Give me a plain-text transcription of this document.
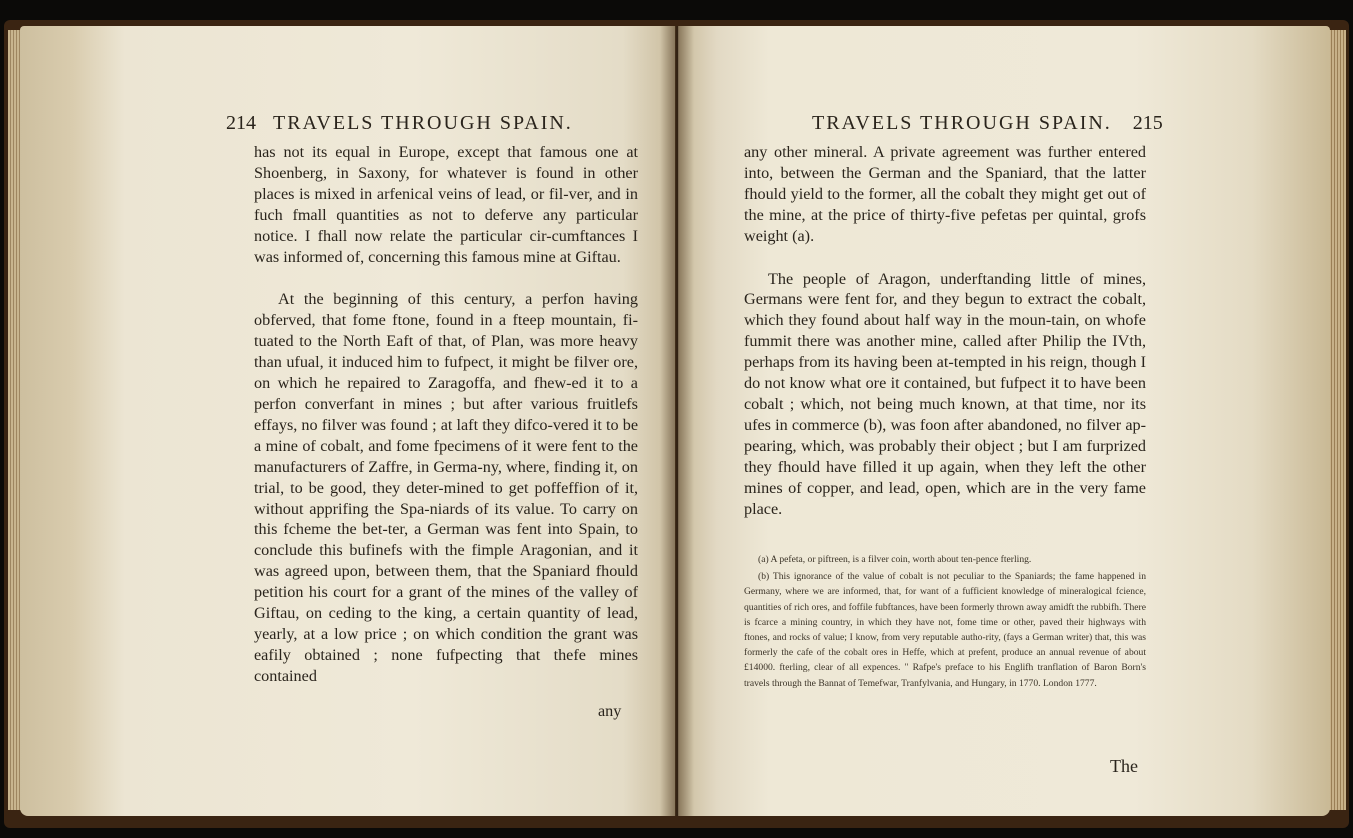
214 TRAVELS THROUGH SPAIN.

has not its equal in Europe, except that famous one at Shoenberg, in Saxony, for whatever is found in other places is mixed in arfenical veins of lead, or fil-ver, and in fuch fmall quantities as not to deferve any particular notice. I fhall now relate the particular cir-cumftances I was informed of, concerning this famous mine at Giftau.

At the beginning of this century, a perfon having obferved, that fome ftone, found in a fteep mountain, fi-tuated to the North Eaft of that, of Plan, was more heavy than ufual, it induced him to fufpect, it might be filver ore, on which he repaired to Zaragoffa, and fhew-ed it to a perfon converfant in mines ; but after various fruitlefs effays, no filver was found ; at laft they difco-vered it to be a mine of cobalt, and fome fpecimens of it were fent to the manufacturers of Zaffre, in Germa-ny, where, finding it, on trial, to be good, they deter-mined to get poffeffion of it, without apprifing the Spa-niards of its value. To carry on this fcheme the bet-ter, a German was fent into Spain, to conclude this bufinefs with the fimple Aragonian, and it was agreed upon, between them, that the Spaniard fhould petition his court for a grant of the mines of the valley of Giftau, on ceding to the king, a certain quantity of lead, yearly, at a low price ; on which condition the grant was eafily obtained ; none fufpecting that thefe mines contained

any
TRAVELS THROUGH SPAIN. 215

any other mineral. A private agreement was further entered into, between the German and the Spaniard, that the latter fhould yield to the former, all the cobalt they might get out of the mine, at the price of thirty-five pefetas per quintal, grofs weight (a).

The people of Aragon, underftanding little of mines, Germans were fent for, and they begun to extract the cobalt, which they found about half way in the moun-tain, on whofe fummit there was another mine, called after Philip the IVth, perhaps from its having been at-tempted in his reign, though I do not know what ore it contained, but fufpect it to have been cobalt ; which, not being much known, at that time, nor its ufes in commerce (b), was foon after abandoned, no filver ap-pearing, which, was probably their object ; but I am furprized they fhould have filled it up again, when they left the other mines of copper, and lead, open, which are in the very fame place.

(a) A pefeta, or piftreen, is a filver coin, worth about ten-pence fterling.

(b) This ignorance of the value of cobalt is not peculiar to the Spaniards; the fame happened in Germany, where we are informed, that, for want of a fufficient knowledge of mineralogical fcience, quantities of rich ores, and foffile fubftances, have been formerly thrown away amidft the rubbifh. There is fcarce a mining country, in which they have not, fome time or other, paved their highways with ftones, and rocks of value; I know, from very reputable autho-rity, (fays a German writer) that, this was formerly the cafe of the cobalt ores in Heffe, which at prefent, produce an annual revenue of about £14000. fterling, clear of all expences. " Rafpe's preface to his Englifh tranflation of Baron Born's travels through the Bannat of Temefwar, Tranfylvania, and Hungary, in 1770. London 1777.

The
